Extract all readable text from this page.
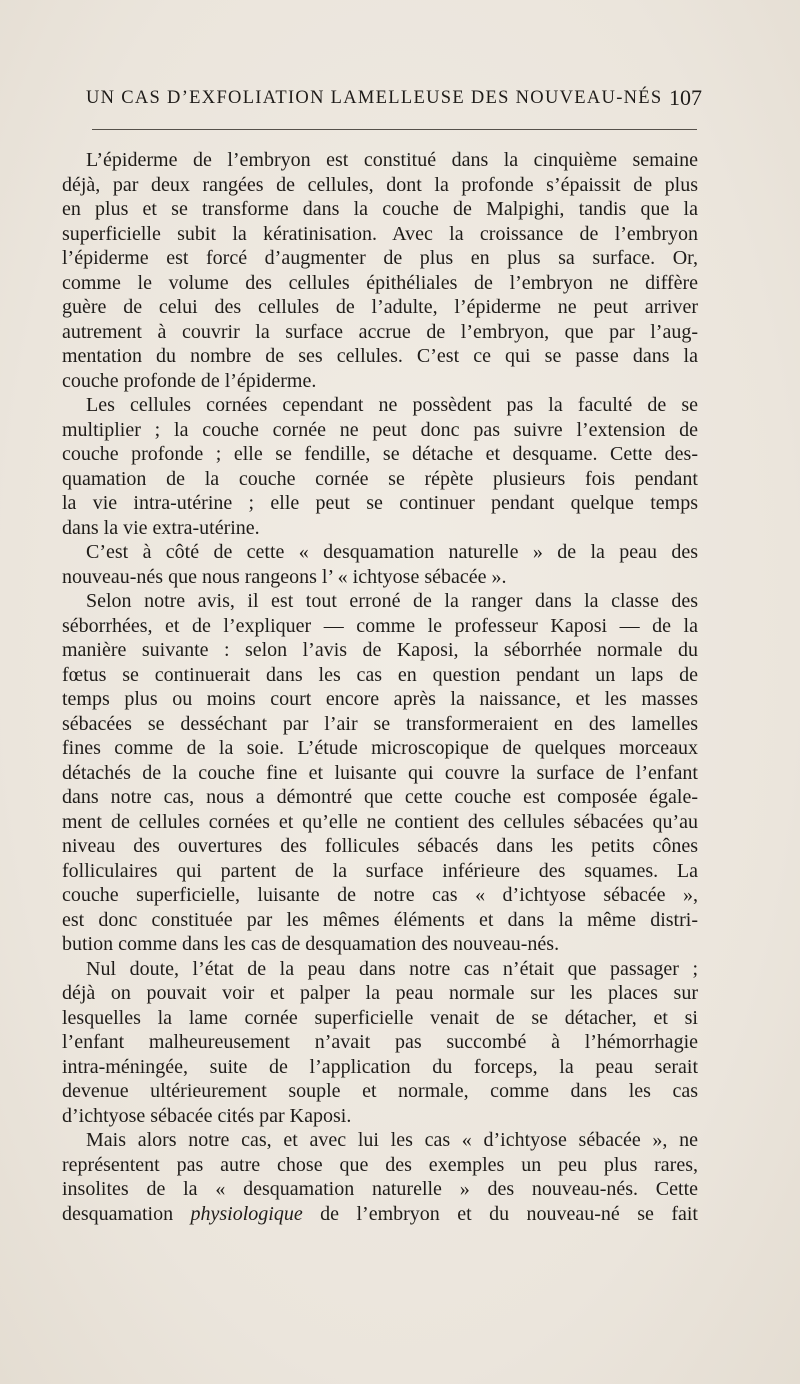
UN CAS D’EXFOLIATION LAMELLEUSE DES NOUVEAU-NÉS 107
L’épiderme de l’embryon est constitué dans la cinquième semaine
déjà, par deux rangées de cellules, dont la profonde s’épaissit de plus
en plus et se transforme dans la couche de Malpighi, tandis que la
superficielle subit la kératinisation. Avec la croissance de l’embryon
l’épiderme est forcé d’augmenter de plus en plus sa surface. Or,
comme le volume des cellules épithéliales de l’embryon ne diffère
guère de celui des cellules de l’adulte, l’épiderme ne peut arriver
autrement à couvrir la surface accrue de l’embryon, que par l’aug-
mentation du nombre de ses cellules. C’est ce qui se passe dans la
couche profonde de l’épiderme.
Les cellules cornées cependant ne possèdent pas la faculté de se
multiplier ; la couche cornée ne peut donc pas suivre l’extension de
couche profonde ; elle se fendille, se détache et desquame. Cette des-
quamation de la couche cornée se répète plusieurs fois pendant
la vie intra-utérine ; elle peut se continuer pendant quelque temps
dans la vie extra-utérine.
C’est à côté de cette « desquamation naturelle » de la peau des
nouveau-nés que nous rangeons l’ « ichtyose sébacée ».
Selon notre avis, il est tout erroné de la ranger dans la classe des
séborrhées, et de l’expliquer — comme le professeur Kaposi — de la
manière suivante : selon l’avis de Kaposi, la séborrhée normale du
fœtus se continuerait dans les cas en question pendant un laps de
temps plus ou moins court encore après la naissance, et les masses
sébacées se desséchant par l’air se transformeraient en des lamelles
fines comme de la soie. L’étude microscopique de quelques morceaux
détachés de la couche fine et luisante qui couvre la surface de l’enfant
dans notre cas, nous a démontré que cette couche est composée égale-
ment de cellules cornées et qu’elle ne contient des cellules sébacées qu’au
niveau des ouvertures des follicules sébacés dans les petits cônes
folliculaires qui partent de la surface inférieure des squames. La
couche superficielle, luisante de notre cas « d’ichtyose sébacée »,
est donc constituée par les mêmes éléments et dans la même distri-
bution comme dans les cas de desquamation des nouveau-nés.
Nul doute, l’état de la peau dans notre cas n’était que passager ;
déjà on pouvait voir et palper la peau normale sur les places sur
lesquelles la lame cornée superficielle venait de se détacher, et si
l’enfant malheureusement n’avait pas succombé à l’hémorrhagie
intra-méningée, suite de l’application du forceps, la peau serait
devenue ultérieurement souple et normale, comme dans les cas
d’ichtyose sébacée cités par Kaposi.
Mais alors notre cas, et avec lui les cas « d’ichtyose sébacée », ne
représentent pas autre chose que des exemples un peu plus rares,
insolites de la « desquamation naturelle » des nouveau-nés. Cette
desquamation physiologique de l’embryon et du nouveau-né se fait
